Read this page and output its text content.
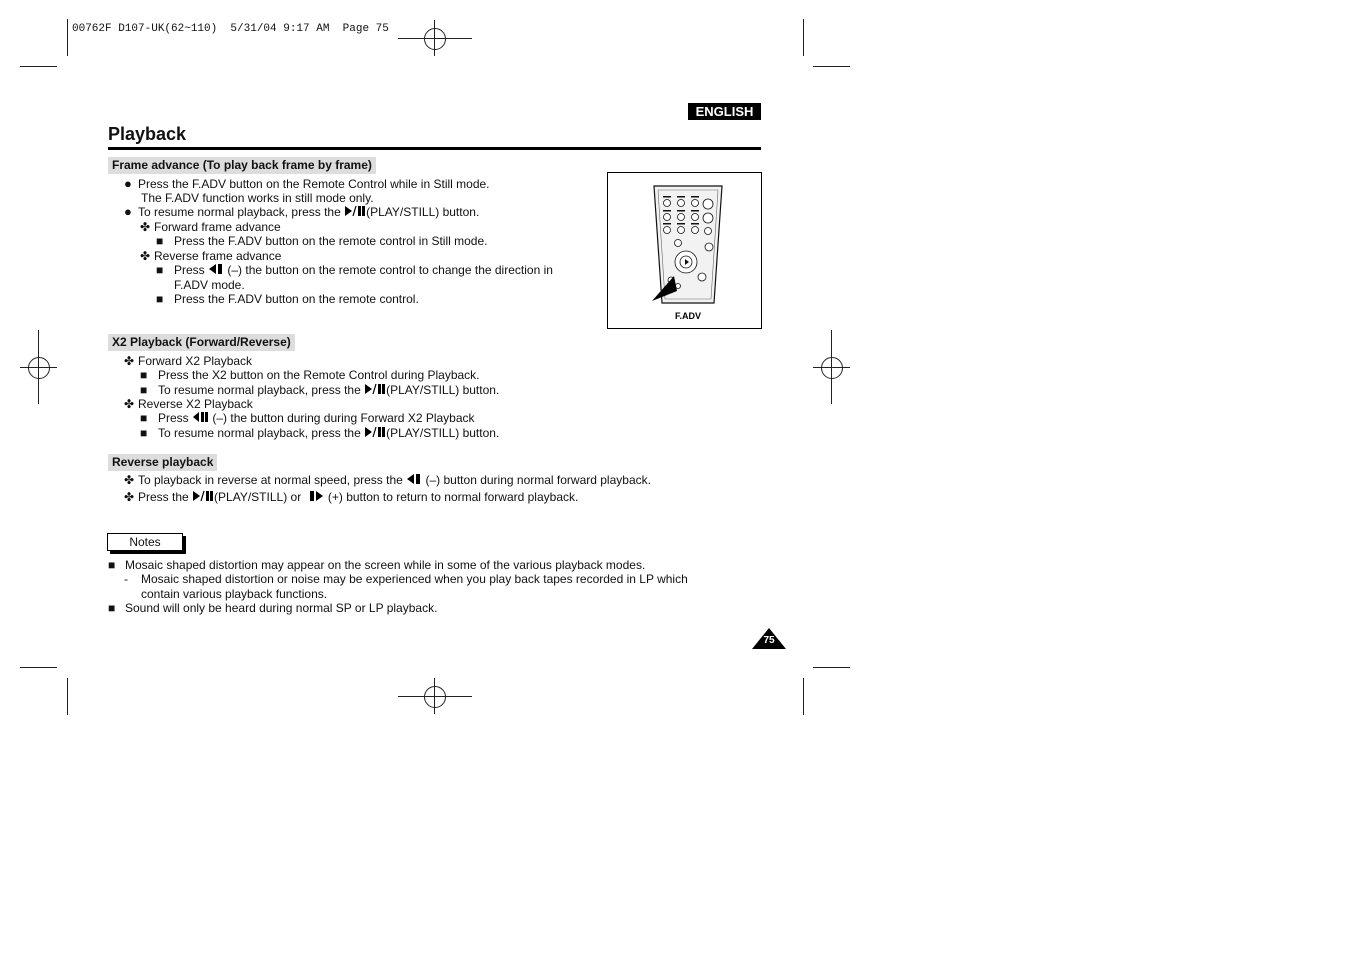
00762F D107-UK(62~110)  5/31/04 9:17 AM  Page 75
ENGLISH
Playback
Frame advance (To play back frame by frame)
● Press the F.ADV button on the Remote Control while in Still mode.
The F.ADV function works in still mode only.
● To resume normal playback, press the (PLAY/STILL) button.
✤ Forward frame advance
■ Press the F.ADV button on the remote control in Still mode.
✤ Reverse frame advance
■ Press (–) the button on the remote control to change the direction in
F.ADV mode.
■ Press the F.ADV button on the remote control.
F.ADV
X2 Playback (Forward/Reverse)
✤ Forward X2 Playback
■ Press the X2 button on the Remote Control during Playback.
■ To resume normal playback, press the (PLAY/STILL) button.
✤ Reverse X2 Playback
■ Press (–) the button during during Forward X2 Playback
■ To resume normal playback, press the (PLAY/STILL) button.
Reverse playback
✤ To playback in reverse at normal speed, press the (–) button during normal forward playback.
✤ Press the (PLAY/STILL) or (+) button to return to normal forward playback.
Notes
■ Mosaic shaped distortion may appear on the screen while in some of the various playback modes.
- Mosaic shaped distortion or noise may be experienced when you play back tapes recorded in LP which
contain various playback functions.
■ Sound will only be heard during normal SP or LP playback.
75
